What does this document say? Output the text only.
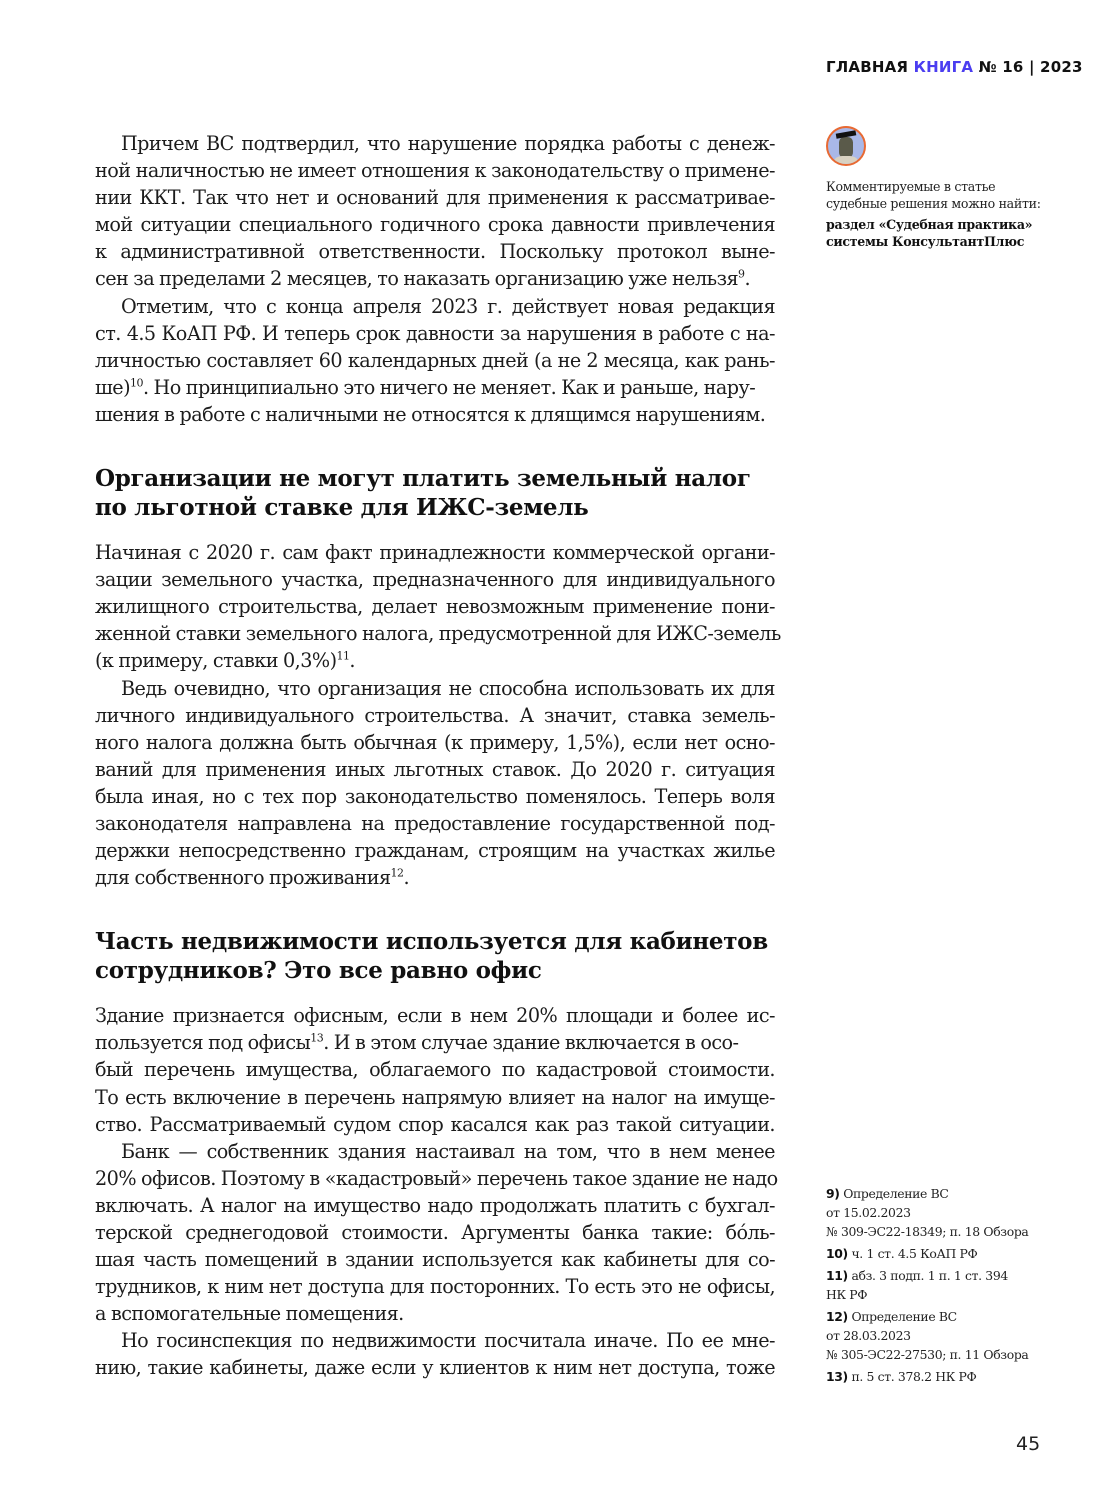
ГЛАВНАЯ КНИГА № 16 | 2023
Причем ВС подтвердил, что нарушение порядка работы с денеж-
ной наличностью не имеет отношения к законодательству о примене-
нии ККТ. Так что нет и оснований для применения к рассматривае-
мой ситуации специального годичного срока давности привлечения
к административной ответственности. Поскольку протокол выне-
сен за пределами 2 месяцев, то наказать организацию уже нельзя$^9$.
Отметим, что с конца апреля 2023 г. действует новая редакция
ст. 4.5 КоАП РФ. И теперь срок давности за нарушения в работе с на-
личностью составляет 60 календарных дней (а не 2 месяца, как рань-
ше)$^{10}$. Но принципиально это ничего не меняет. Как и раньше, нару-
шения в работе с наличными не относятся к длящимся нарушениям.
Организации не могут платить земельный налог
по льготной ставке для ИЖС-земель
Начиная с 2020 г. сам факт принадлежности коммерческой органи-
зации земельного участка, предназначенного для индивидуального
жилищного строительства, делает невозможным применение пони-
женной ставки земельного налога, предусмотренной для ИЖС-земель
(к примеру, ставки 0,3%)$^{11}$.
Ведь очевидно, что организация не способна использовать их для
личного индивидуального строительства. А значит, ставка земель-
ного налога должна быть обычная (к примеру, 1,5%), если нет осно-
ваний для применения иных льготных ставок. До 2020 г. ситуация
была иная, но с тех пор законодательство поменялось. Теперь воля
законодателя направлена на предоставление государственной под-
держки непосредственно гражданам, строящим на участках жилье
для собственного проживания$^{12}$.
Часть недвижимости используется для кабинетов
сотрудников? Это все равно офис
Здание признается офисным, если в нем 20% площади и более ис-
пользуется под офисы$^{13}$. И в этом случае здание включается в осо-
бый перечень имущества, облагаемого по кадастровой стоимости.
То есть включение в перечень напрямую влияет на налог на имуще-
ство. Рассматриваемый судом спор касался как раз такой ситуации.
Банк — собственник здания настаивал на том, что в нем менее
20% офисов. Поэтому в «кадастровый» перечень такое здание не надо
включать. А налог на имущество надо продолжать платить с бухгал-
терской среднегодовой стоимости. Аргументы банка такие: бо́ль-
шая часть помещений в здании используется как кабинеты для со-
трудников, к ним нет доступа для посторонних. То есть это не офисы,
а вспомогательные помещения.
Но госинспекция по недвижимости посчитала иначе. По ее мне-
нию, такие кабинеты, даже если у клиентов к ним нет доступа, тоже
Комментируемые в статье
судебные решения можно найти:
раздел «Судебная практика»
системы КонсультантПлюс
9) Определение ВС
от 15.02.2023
№ 309-ЭС22-18349; п. 18 Обзора
10) ч. 1 ст. 4.5 КоАП РФ
11) абз. 3 подп. 1 п. 1 ст. 394
НК РФ
12) Определение ВС
от 28.03.2023
№ 305-ЭС22-27530; п. 11 Обзора
13) п. 5 ст. 378.2 НК РФ
45
